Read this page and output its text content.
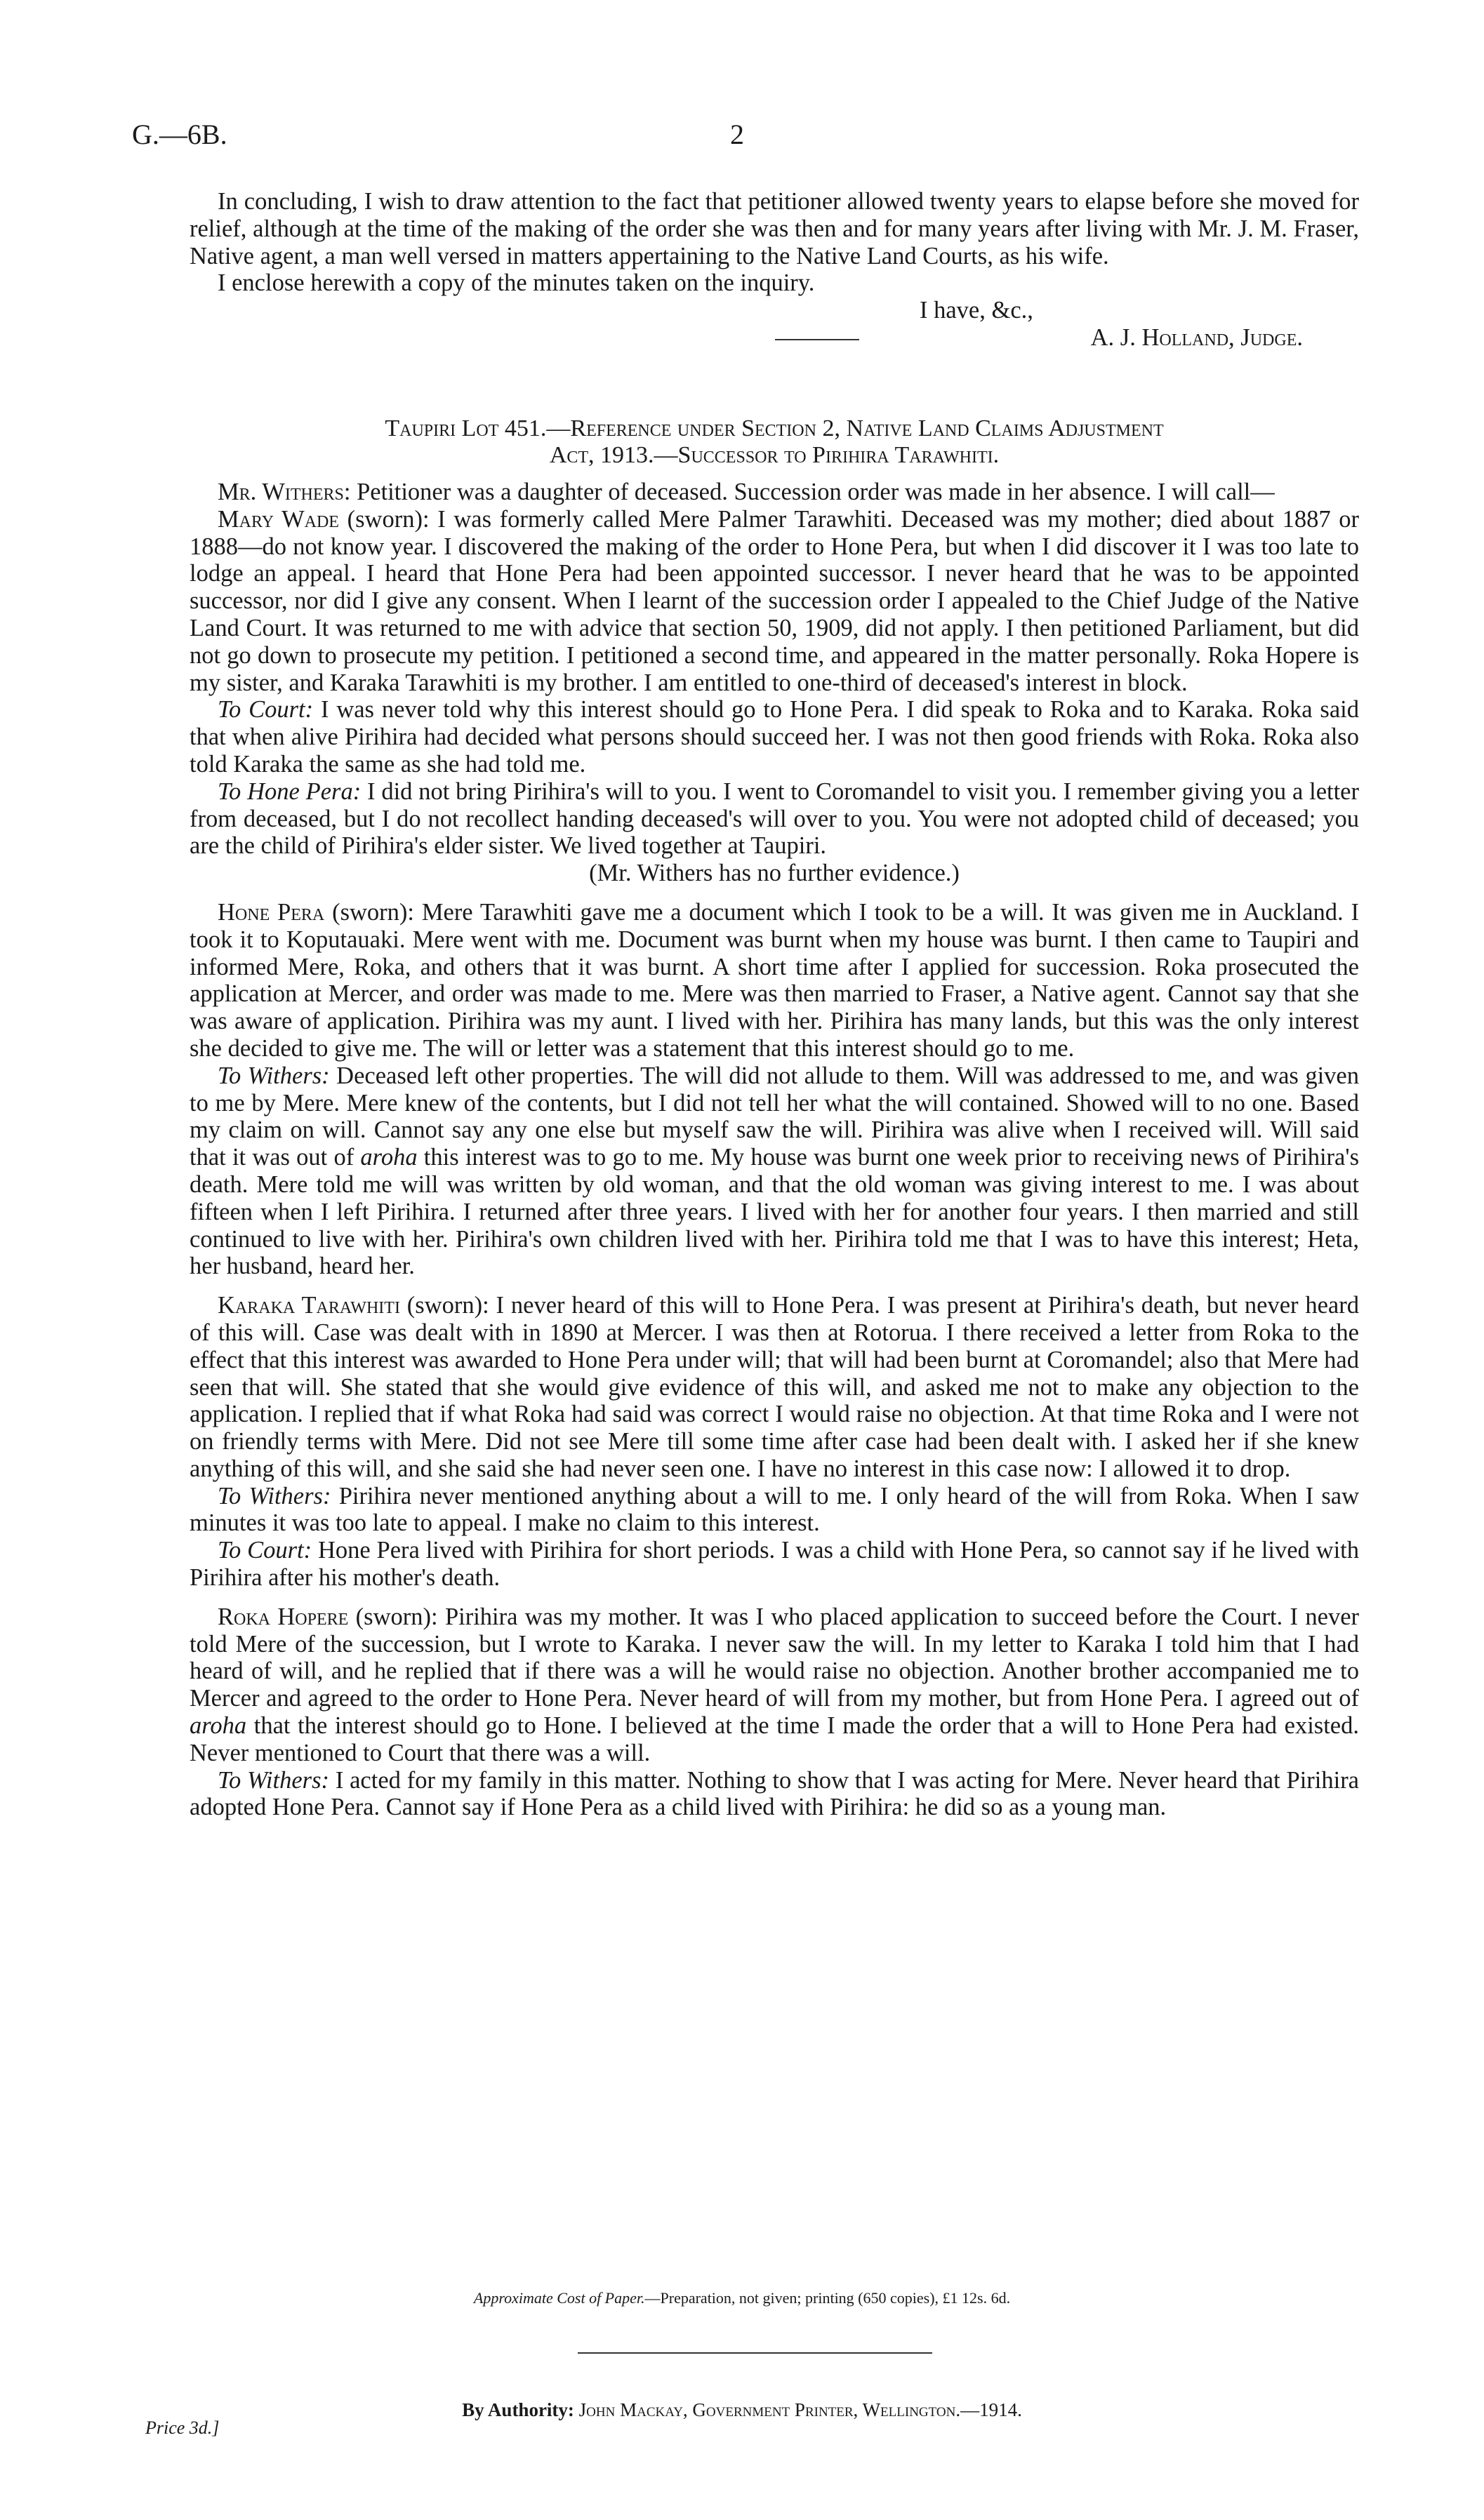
G.—6B.	2

In concluding, I wish to draw attention to the fact that petitioner allowed twenty years to elapse before she moved for relief, although at the time of the making of the order she was then and for many years after living with Mr. J. M. Fraser, Native agent, a man well versed in matters appertaining to the Native Land Courts, as his wife.

I enclose herewith a copy of the minutes taken on the inquiry.

I have, &c.,

A. J. Holland, Judge.

Taupiri Lot 451.—Reference under Section 2, Native Land Claims Adjustment
Act, 1913.—Successor to Pirihira Tarawhiti.

Mr. Withers: Petitioner was a daughter of deceased. Succession order was made in her absence. I will call—

Mary Wade (sworn): I was formerly called Mere Palmer Tarawhiti. Deceased was my mother; died about 1887 or 1888—do not know year. I discovered the making of the order to Hone Pera, but when I did discover it I was too late to lodge an appeal. I heard that Hone Pera had been appointed successor. I never heard that he was to be appointed successor, nor did I give any consent. When I learnt of the succession order I appealed to the Chief Judge of the Native Land Court. It was returned to me with advice that section 50, 1909, did not apply. I then petitioned Parliament, but did not go down to prosecute my petition. I petitioned a second time, and appeared in the matter personally. Roka Hopere is my sister, and Karaka Tarawhiti is my brother. I am entitled to one-third of deceased's interest in block.

To Court: I was never told why this interest should go to Hone Pera. I did speak to Roka and to Karaka. Roka said that when alive Pirihira had decided what persons should succeed her. I was not then good friends with Roka. Roka also told Karaka the same as she had told me.

To Hone Pera: I did not bring Pirihira's will to you. I went to Coromandel to visit you. I remember giving you a letter from deceased, but I do not recollect handing deceased's will over to you. You were not adopted child of deceased; you are the child of Pirihira's elder sister. We lived together at Taupiri.

(Mr. Withers has no further evidence.)

Hone Pera (sworn): Mere Tarawhiti gave me a document which I took to be a will. It was given me in Auckland. I took it to Koputauaki. Mere went with me. Document was burnt when my house was burnt. I then came to Taupiri and informed Mere, Roka, and others that it was burnt. A short time after I applied for succession. Roka prosecuted the application at Mercer, and order was made to me. Mere was then married to Fraser, a Native agent. Cannot say that she was aware of application. Pirihira was my aunt. I lived with her. Pirihira has many lands, but this was the only interest she decided to give me. The will or letter was a statement that this interest should go to me.

To Withers: Deceased left other properties. The will did not allude to them. Will was addressed to me, and was given to me by Mere. Mere knew of the contents, but I did not tell her what the will contained. Showed will to no one. Based my claim on will. Cannot say any one else but myself saw the will. Pirihira was alive when I received will. Will said that it was out of aroha this interest was to go to me. My house was burnt one week prior to receiving news of Pirihira's death. Mere told me will was written by old woman, and that the old woman was giving interest to me. I was about fifteen when I left Pirihira. I returned after three years. I lived with her for another four years. I then married and still continued to live with her. Pirihira's own children lived with her. Pirihira told me that I was to have this interest; Heta, her husband, heard her.

Karaka Tarawhiti (sworn): I never heard of this will to Hone Pera. I was present at Pirihira's death, but never heard of this will. Case was dealt with in 1890 at Mercer. I was then at Rotorua. I there received a letter from Roka to the effect that this interest was awarded to Hone Pera under will; that will had been burnt at Coromandel; also that Mere had seen that will. She stated that she would give evidence of this will, and asked me not to make any objection to the application. I replied that if what Roka had said was correct I would raise no objection. At that time Roka and I were not on friendly terms with Mere. Did not see Mere till some time after case had been dealt with. I asked her if she knew anything of this will, and she said she had never seen one. I have no interest in this case now: I allowed it to drop.

To Withers: Pirihira never mentioned anything about a will to me. I only heard of the will from Roka. When I saw minutes it was too late to appeal. I make no claim to this interest.

To Court: Hone Pera lived with Pirihira for short periods. I was a child with Hone Pera, so cannot say if he lived with Pirihira after his mother's death.

Roka Hopere (sworn): Pirihira was my mother. It was I who placed application to succeed before the Court. I never told Mere of the succession, but I wrote to Karaka. I never saw the will. In my letter to Karaka I told him that I had heard of will, and he replied that if there was a will he would raise no objection. Another brother accompanied me to Mercer and agreed to the order to Hone Pera. Never heard of will from my mother, but from Hone Pera. I agreed out of aroha that the interest should go to Hone. I believed at the time I made the order that a will to Hone Pera had existed. Never mentioned to Court that there was a will.

To Withers: I acted for my family in this matter. Nothing to show that I was acting for Mere. Never heard that Pirihira adopted Hone Pera. Cannot say if Hone Pera as a child lived with Pirihira: he did so as a young man.

Approximate Cost of Paper.—Preparation, not given; printing (650 copies), £1 12s. 6d.
By Authority: John Mackay, Government Printer, Wellington.—1914.
Price 3d.]
